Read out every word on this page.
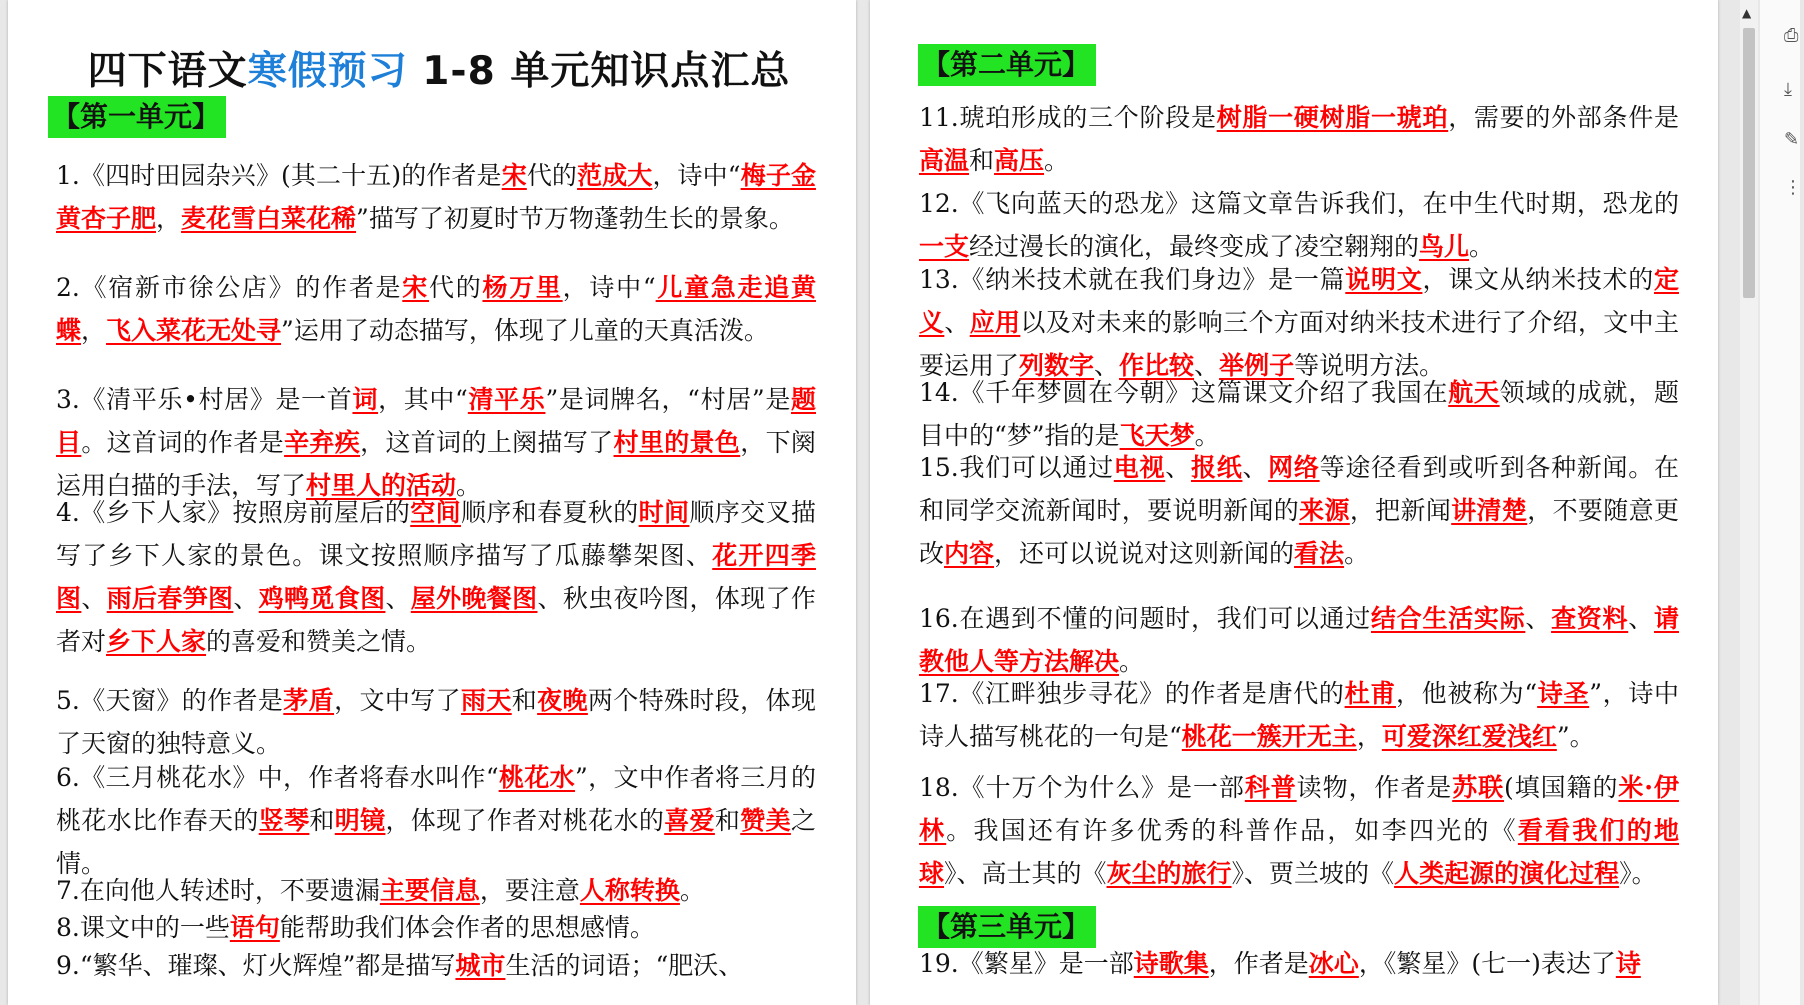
四下语文寒假预习 1-8 单元知识点汇总
【第一单元】
1.《四时田园杂兴》(其二十五)的作者是宋代的范成大，诗中“梅子金黄杏子肥，麦花雪白菜花稀”描写了初夏时节万物蓬勃生长的景象。
2.《宿新市徐公店》的作者是宋代的杨万里，诗中“儿童急走追黄蝶，飞入菜花无处寻”运用了动态描写，体现了儿童的天真活泼。
3.《清平乐•村居》是一首词，其中“清平乐”是词牌名，“村居”是题目。这首词的作者是辛弃疾，这首词的上阕描写了村里的景色，下阕运用白描的手法，写了村里人的活动。
4.《乡下人家》按照房前屋后的空间顺序和春夏秋的时间顺序交叉描写了乡下人家的景色。课文按照顺序描写了瓜藤攀架图、花开四季图、雨后春笋图、鸡鸭觅食图、屋外晚餐图、秋虫夜吟图，体现了作者对乡下人家的喜爱和赞美之情。
5.《天窗》的作者是茅盾，文中写了雨天和夜晚两个特殊时段，体现了天窗的独特意义。
6.《三月桃花水》中，作者将春水叫作“桃花水”，文中作者将三月的桃花水比作春天的竖琴和明镜，体现了作者对桃花水的喜爱和赞美之情。
7.在向他人转述时，不要遗漏主要信息，要注意人称转换。
8.课文中的一些语句能帮助我们体会作者的思想感情。
9.“繁华、璀璨、灯火辉煌”都是描写城市生活的词语；“肥沃、
【第二单元】
11.琥珀形成的三个阶段是树脂一硬树脂一琥珀，需要的外部条件是高温和高压。
12.《飞向蓝天的恐龙》这篇文章告诉我们，在中生代时期，恐龙的一支经过漫长的演化，最终变成了凌空翱翔的鸟儿。
13.《纳米技术就在我们身边》是一篇说明文，课文从纳米技术的定义、应用以及对未来的影响三个方面对纳米技术进行了介绍，文中主要运用了列数字、作比较、举例子等说明方法。
14.《千年梦圆在今朝》这篇课文介绍了我国在航天领域的成就，题目中的“梦”指的是飞天梦。
15.我们可以通过电视、报纸、网络等途径看到或听到各种新闻。在和同学交流新闻时，要说明新闻的来源，把新闻讲清楚，不要随意更改内容，还可以说说对这则新闻的看法。
16.在遇到不懂的问题时，我们可以通过结合生活实际、查资料、请教他人等方法解决。
17.《江畔独步寻花》的作者是唐代的杜甫，他被称为“诗圣”，诗中诗人描写桃花的一句是“桃花一簇开无主，可爱深红爱浅红”。
18.《十万个为什么》是一部科普读物，作者是苏联(填国籍的米·伊林。我国还有许多优秀的科普作品，如李四光的《看看我们的地球》、高士其的《灰尘的旅行》、贾兰坡的《人类起源的演化过程》。
19.《繁星》是一部诗歌集，作者是冰心，《繁星》(七一)表达了诗
【第三单元】
▲
⎙
⤓
✎
⋮
